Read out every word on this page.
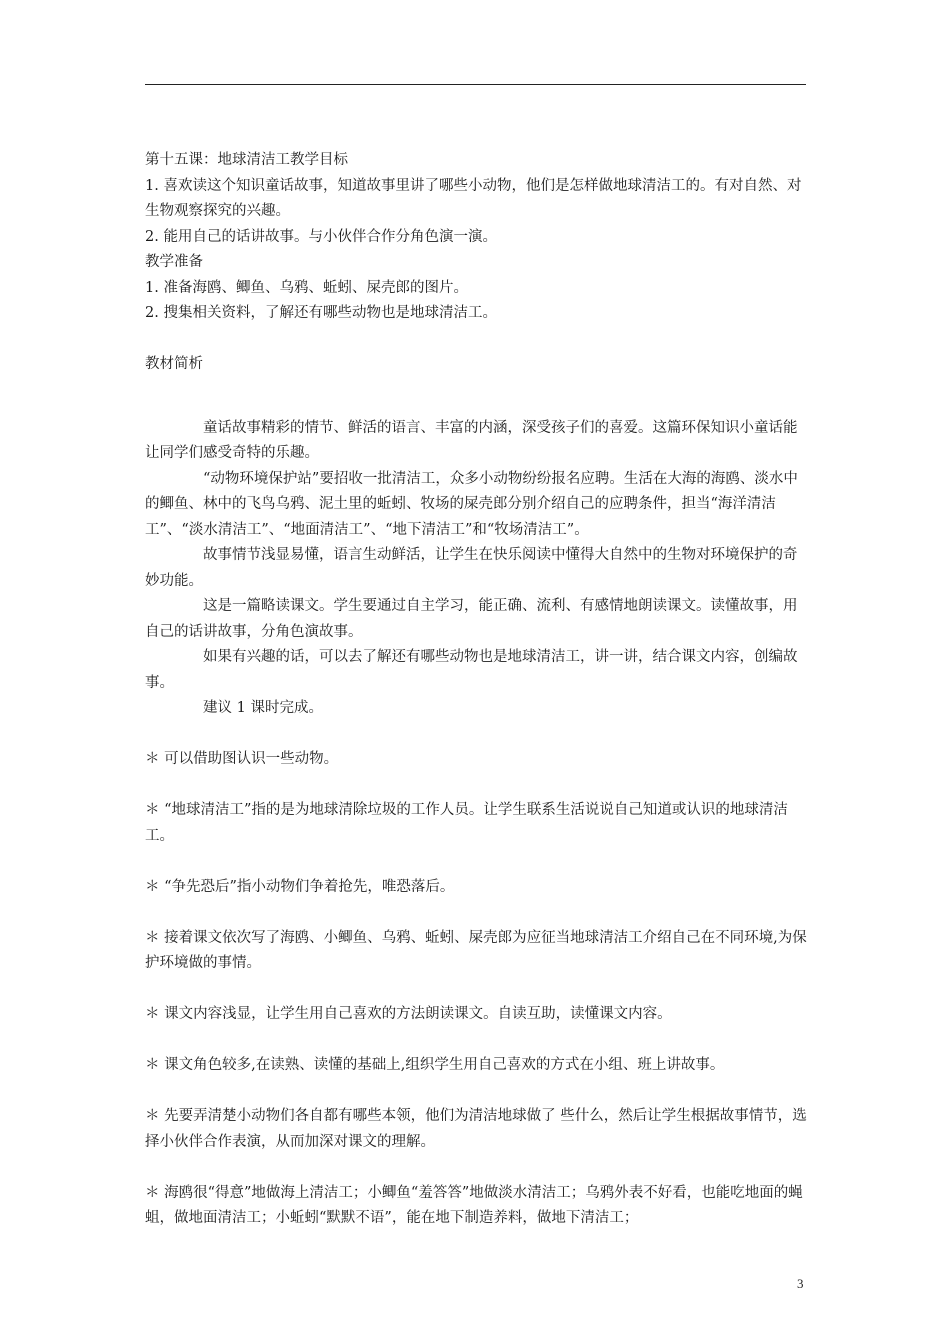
第十五课：地球清洁工教学目标

1. 喜欢读这个知识童话故事，知道故事里讲了哪些小动物，他们是怎样做地球清洁工的。有对自然、对生物观察探究的兴趣。

2. 能用自己的话讲故事。与小伙伴合作分角色演一演。

教学准备

1. 准备海鸥、鲫鱼、乌鸦、蚯蚓、屎壳郎的图片。

2. 搜集相关资料，了解还有哪些动物也是地球清洁工。

教材简析

童话故事精彩的情节、鲜活的语言、丰富的内涵，深受孩子们的喜爱。这篇环保知识小童话能让同学们感受奇特的乐趣。

“动物环境保护站”要招收一批清洁工，众多小动物纷纷报名应聘。生活在大海的海鸥、淡水中的鲫鱼、林中的飞鸟乌鸦、泥土里的蚯蚓、牧场的屎壳郎分别介绍自己的应聘条件，担当“海洋清洁工”、“淡水清洁工”、“地面清洁工”、“地下清洁工”和“牧场清洁工”。

故事情节浅显易懂，语言生动鲜活，让学生在快乐阅读中懂得大自然中的生物对环境保护的奇妙功能。

这是一篇略读课文。学生要通过自主学习，能正确、流利、有感情地朗读课文。读懂故事，用自己的话讲故事，分角色演故事。

如果有兴趣的话，可以去了解还有哪些动物也是地球清洁工，讲一讲，结合课文内容，创编故事。

建议 1 课时完成。

＊ 可以借助图认识一些动物。

＊ “地球清洁工”指的是为地球清除垃圾的工作人员。让学生联系生活说说自己知道或认识的地球清洁工。

＊ “争先恐后”指小动物们争着抢先，唯恐落后。

＊ 接着课文依次写了海鸥、小鲫鱼、乌鸦、蚯蚓、屎壳郎为应征当地球清洁工介绍自己在不同环境,为保护环境做的事情。

＊ 课文内容浅显，让学生用自己喜欢的方法朗读课文。自读互助，读懂课文内容。

＊ 课文角色较多,在读熟、读懂的基础上,组织学生用自己喜欢的方式在小组、班上讲故事。

＊ 先要弄清楚小动物们各自都有哪些本领，他们为清洁地球做了 些什么，然后让学生根据故事情节，选择小伙伴合作表演，从而加深对课文的理解。

＊ 海鸥很“得意”地做海上清洁工；小鲫鱼“羞答答”地做淡水清洁工；乌鸦外表不好看，也能吃地面的蝇蛆，做地面清洁工；小蚯蚓“默默不语”，能在地下制造养料，做地下清洁工；

3
